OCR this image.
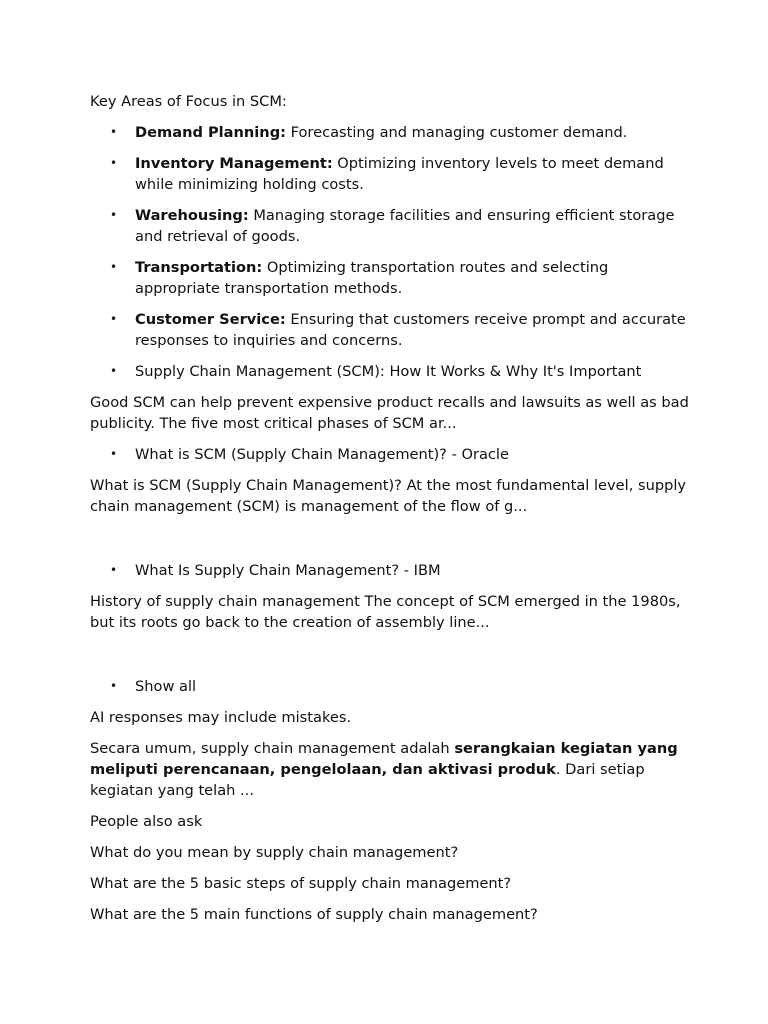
Key Areas of Focus in SCM:

• Demand Planning: Forecasting and managing customer demand.
• Inventory Management: Optimizing inventory levels to meet demand while minimizing holding costs.
• Warehousing: Managing storage facilities and ensuring efficient storage and retrieval of goods.
• Transportation: Optimizing transportation routes and selecting appropriate transportation methods.
• Customer Service: Ensuring that customers receive prompt and accurate responses to inquiries and concerns.
• Supply Chain Management (SCM): How It Works & Why It's Important

Good SCM can help prevent expensive product recalls and lawsuits as well as bad publicity. The five most critical phases of SCM ar...

• What is SCM (Supply Chain Management)? - Oracle

What is SCM (Supply Chain Management)? At the most fundamental level, supply chain management (SCM) is management of the flow of g...

• What Is Supply Chain Management? - IBM

History of supply chain management The concept of SCM emerged in the 1980s, but its roots go back to the creation of assembly line...

• Show all

AI responses may include mistakes.

Secara umum, supply chain management adalah serangkaian kegiatan yang meliputi perencanaan, pengelolaan, dan aktivasi produk. Dari setiap kegiatan yang telah ...

People also ask

What do you mean by supply chain management?

What are the 5 basic steps of supply chain management?

What are the 5 main functions of supply chain management?
